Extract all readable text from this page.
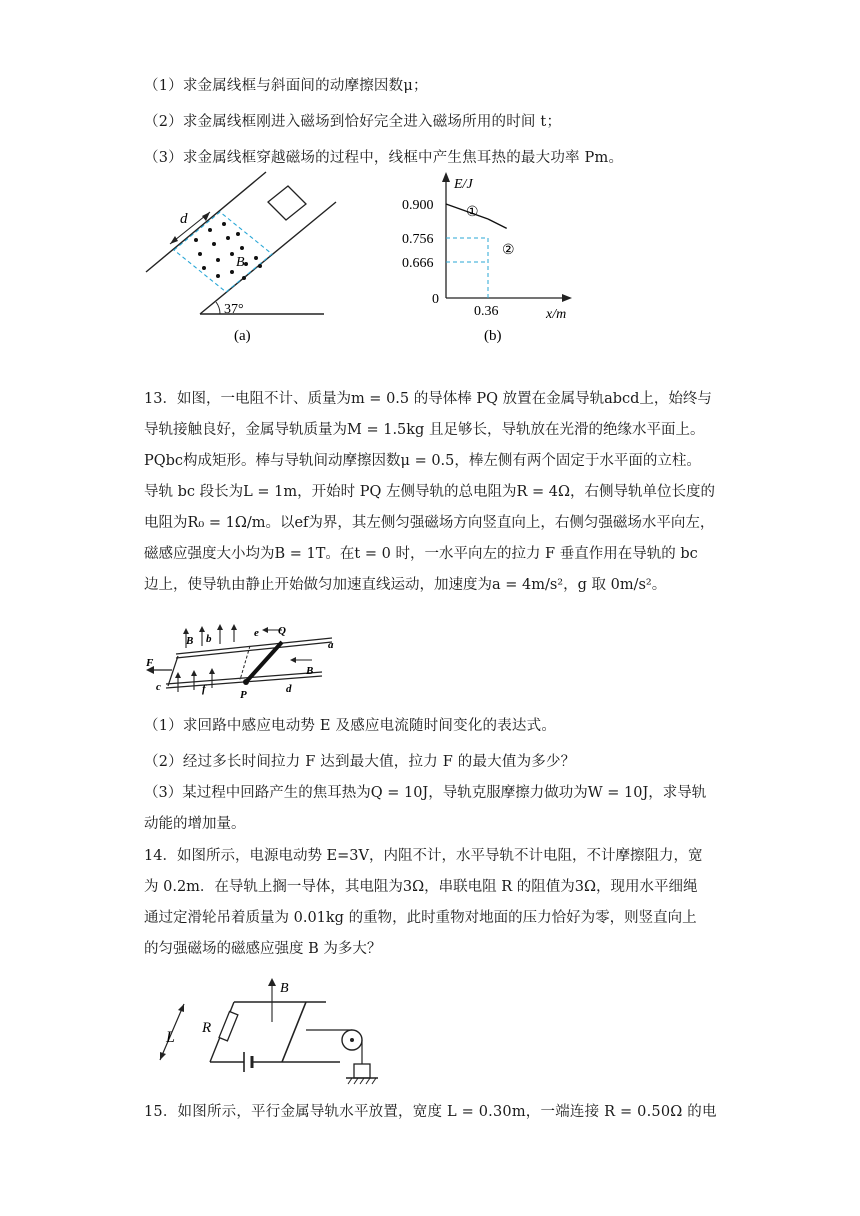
（1）求金属线框与斜面间的动摩擦因数μ；
（2）求金属线框刚进入磁场到恰好完全进入磁场所用的时间 t；
（3）求金属线框穿越磁场的过程中，线框中产生焦耳热的最大功率 Pm。
d
B
37°
(a)
E/J
x/m
0.900
0.756
0.666
0
0.36
①
②
(b)
13．如图，一电阻不计、质量为m = 0.5 的导体棒 PQ 放置在金属导轨abcd上，始终与
导轨接触良好，金属导轨质量为M = 1.5kg 且足够长，导轨放在光滑的绝缘水平面上。
PQbc构成矩形。棒与导轨间动摩擦因数μ = 0.5，棒左侧有两个固定于水平面的立柱。
导轨 bc 段长为L = 1m，开始时 PQ 左侧导轨的总电阻为R = 4Ω，右侧导轨单位长度的
电阻为R₀ = 1Ω/m。以ef为界，其左侧匀强磁场方向竖直向上，右侧匀强磁场水平向左，
磁感应强度大小均为B = 1T。在t = 0 时，一水平向左的拉力 F 垂直作用在导轨的 bc
边上，使导轨由静止开始做匀加速直线运动，加速度为a = 4m/s²，g 取 0m/s²。
F
B b	e Q
a
c	f	P	d
B
（1）求回路中感应电动势 E 及感应电流随时间变化的表达式。
（2）经过多长时间拉力 F 达到最大值，拉力 F 的最大值为多少？
（3）某过程中回路产生的焦耳热为Q = 10J，导轨克服摩擦力做功为W = 10J，求导轨
动能的增加量。
14．如图所示，电源电动势 E=3V，内阻不计，水平导轨不计电阻，不计摩擦阻力，宽
为 0.2m．在导轨上搁一导体，其电阻为3Ω，串联电阻 R 的阻值为3Ω，现用水平细绳
通过定滑轮吊着质量为 0.01kg 的重物，此时重物对地面的压力恰好为零，则竖直向上
的匀强磁场的磁感应强度 B 为多大？
L
R
B
15．如图所示，平行金属导轨水平放置，宽度 L = 0.30m，一端连接 R = 0.50Ω 的电
